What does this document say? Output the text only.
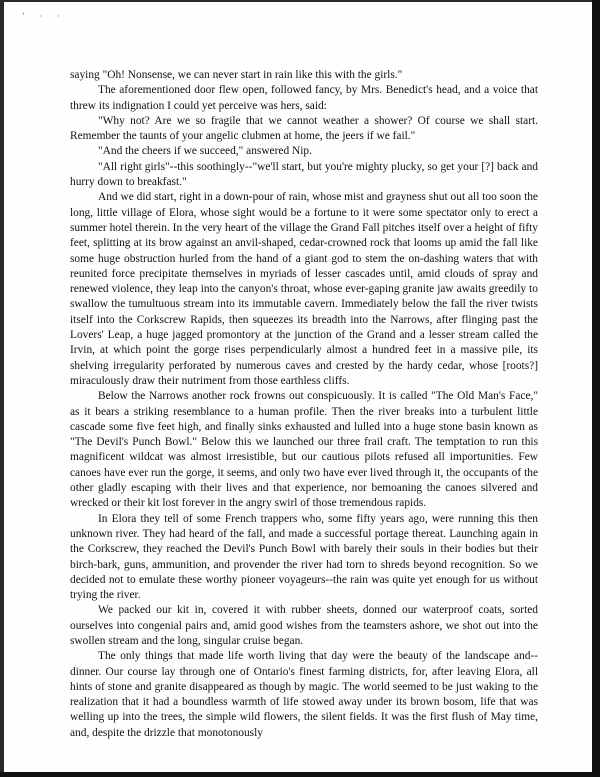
' ‧ ‧

saying "Oh! Nonsense, we can never start in rain like this with the girls."

The aforementioned door flew open, followed fancy, by Mrs. Benedict's head, and a voice that threw its indignation I could yet perceive was hers, said:

"Why not? Are we so fragile that we cannot weather a shower? Of course we shall start. Remember the taunts of your angelic clubmen at home, the jeers if we fail."

"And the cheers if we succeed," answered Nip.

"All right girls"--this soothingly--"we'll start, but you're mighty plucky, so get your [?] back and hurry down to breakfast."

And we did start, right in a down-pour of rain, whose mist and grayness shut out all too soon the long, little village of Elora, whose sight would be a fortune to it were some spectator only to erect a summer hotel therein. In the very heart of the village the Grand Fall pitches itself over a height of fifty feet, splitting at its brow against an anvil-shaped, cedar-crowned rock that looms up amid the fall like some huge obstruction hurled from the hand of a giant god to stem the on-dashing waters that with reunited force precipitate themselves in myriads of lesser cascades until, amid clouds of spray and renewed violence, they leap into the canyon's throat, whose ever-gaping granite jaw awaits greedily to swallow the tumultuous stream into its immutable cavern. Immediately below the fall the river twists itself into the Corkscrew Rapids, then squeezes its breadth into the Narrows, after flinging past the Lovers' Leap, a huge jagged promontory at the junction of the Grand and a lesser stream called the Irvin, at which point the gorge rises perpendicularly almost a hundred feet in a massive pile, its shelving irregularity perforated by numerous caves and crested by the hardy cedar, whose [roots?] miraculously draw their nutriment from those earthless cliffs.

Below the Narrows another rock frowns out conspicuously. It is called "The Old Man's Face," as it bears a striking resemblance to a human profile. Then the river breaks into a turbulent little cascade some five feet high, and finally sinks exhausted and lulled into a huge stone basin known as "The Devil's Punch Bowl." Below this we launched our three frail craft. The temptation to run this magnificent wildcat was almost irresistible, but our cautious pilots refused all importunities. Few canoes have ever run the gorge, it seems, and only two have ever lived through it, the occupants of the other gladly escaping with their lives and that experience, nor bemoaning the canoes silvered and wrecked or their kit lost forever in the angry swirl of those tremendous rapids.

In Elora they tell of some French trappers who, some fifty years ago, were running this then unknown river. They had heard of the fall, and made a successful portage thereat. Launching again in the Corkscrew, they reached the Devil's Punch Bowl with barely their souls in their bodies but their birch-bark, guns, ammunition, and provender the river had torn to shreds beyond recognition. So we decided not to emulate these worthy pioneer voyageurs--the rain was quite yet enough for us without trying the river.

We packed our kit in, covered it with rubber sheets, donned our waterproof coats, sorted ourselves into congenial pairs and, amid good wishes from the teamsters ashore, we shot out into the swollen stream and the long, singular cruise began.

The only things that made life worth living that day were the beauty of the landscape and--dinner. Our course lay through one of Ontario's finest farming districts, for, after leaving Elora, all hints of stone and granite disappeared as though by magic. The world seemed to be just waking to the realization that it had a boundless warmth of life stowed away under its brown bosom, life that was welling up into the trees, the simple wild flowers, the silent fields. It was the first flush of May time, and, despite the drizzle that monotonously
